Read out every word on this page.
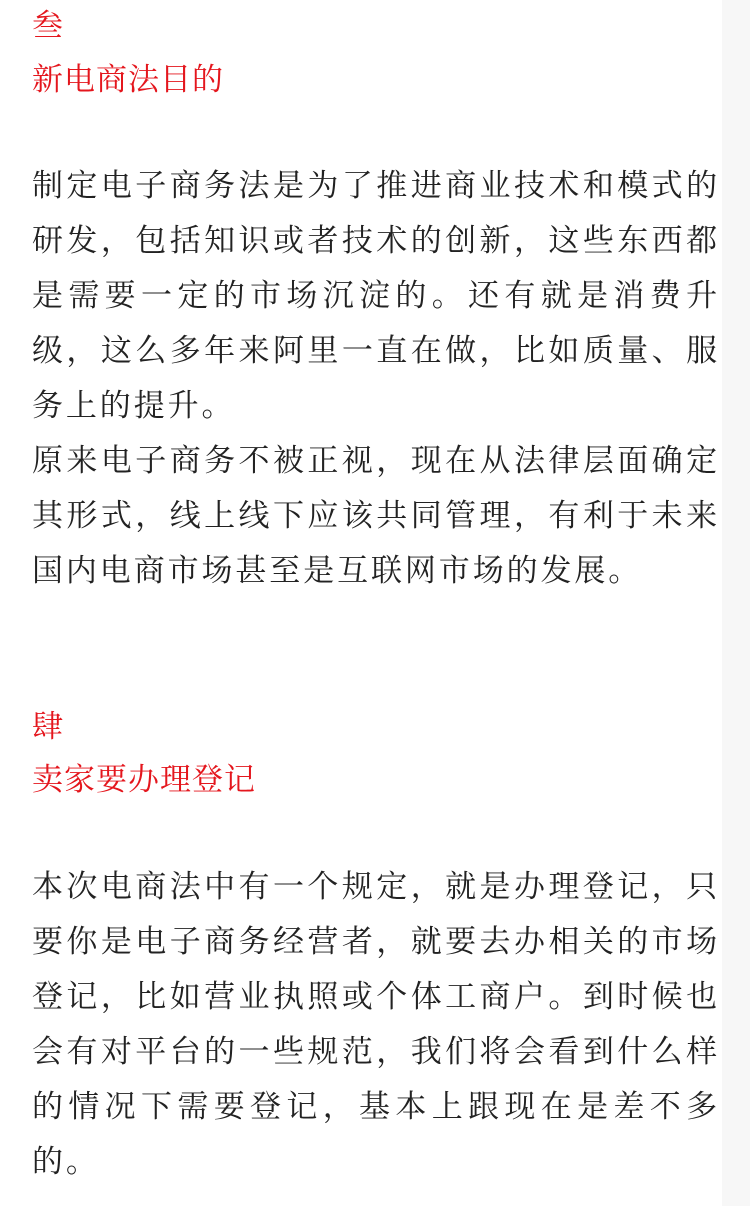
叁
新电商法目的

制定电子商务法是为了推进商业技术和模式的研发，包括知识或者技术的创新，这些东西都是需要一定的市场沉淀的。还有就是消费升级，这么多年来阿里一直在做，比如质量、服务上的提升。

原来电子商务不被正视，现在从法律层面确定其形式，线上线下应该共同管理，有利于未来国内电商市场甚至是互联网市场的发展。

肆
卖家要办理登记

本次电商法中有一个规定，就是办理登记，只要你是电子商务经营者，就要去办相关的市场登记，比如营业执照或个体工商户。到时候也会有对平台的一些规范，我们将会看到什么样的情况下需要登记，基本上跟现在是差不多的。
